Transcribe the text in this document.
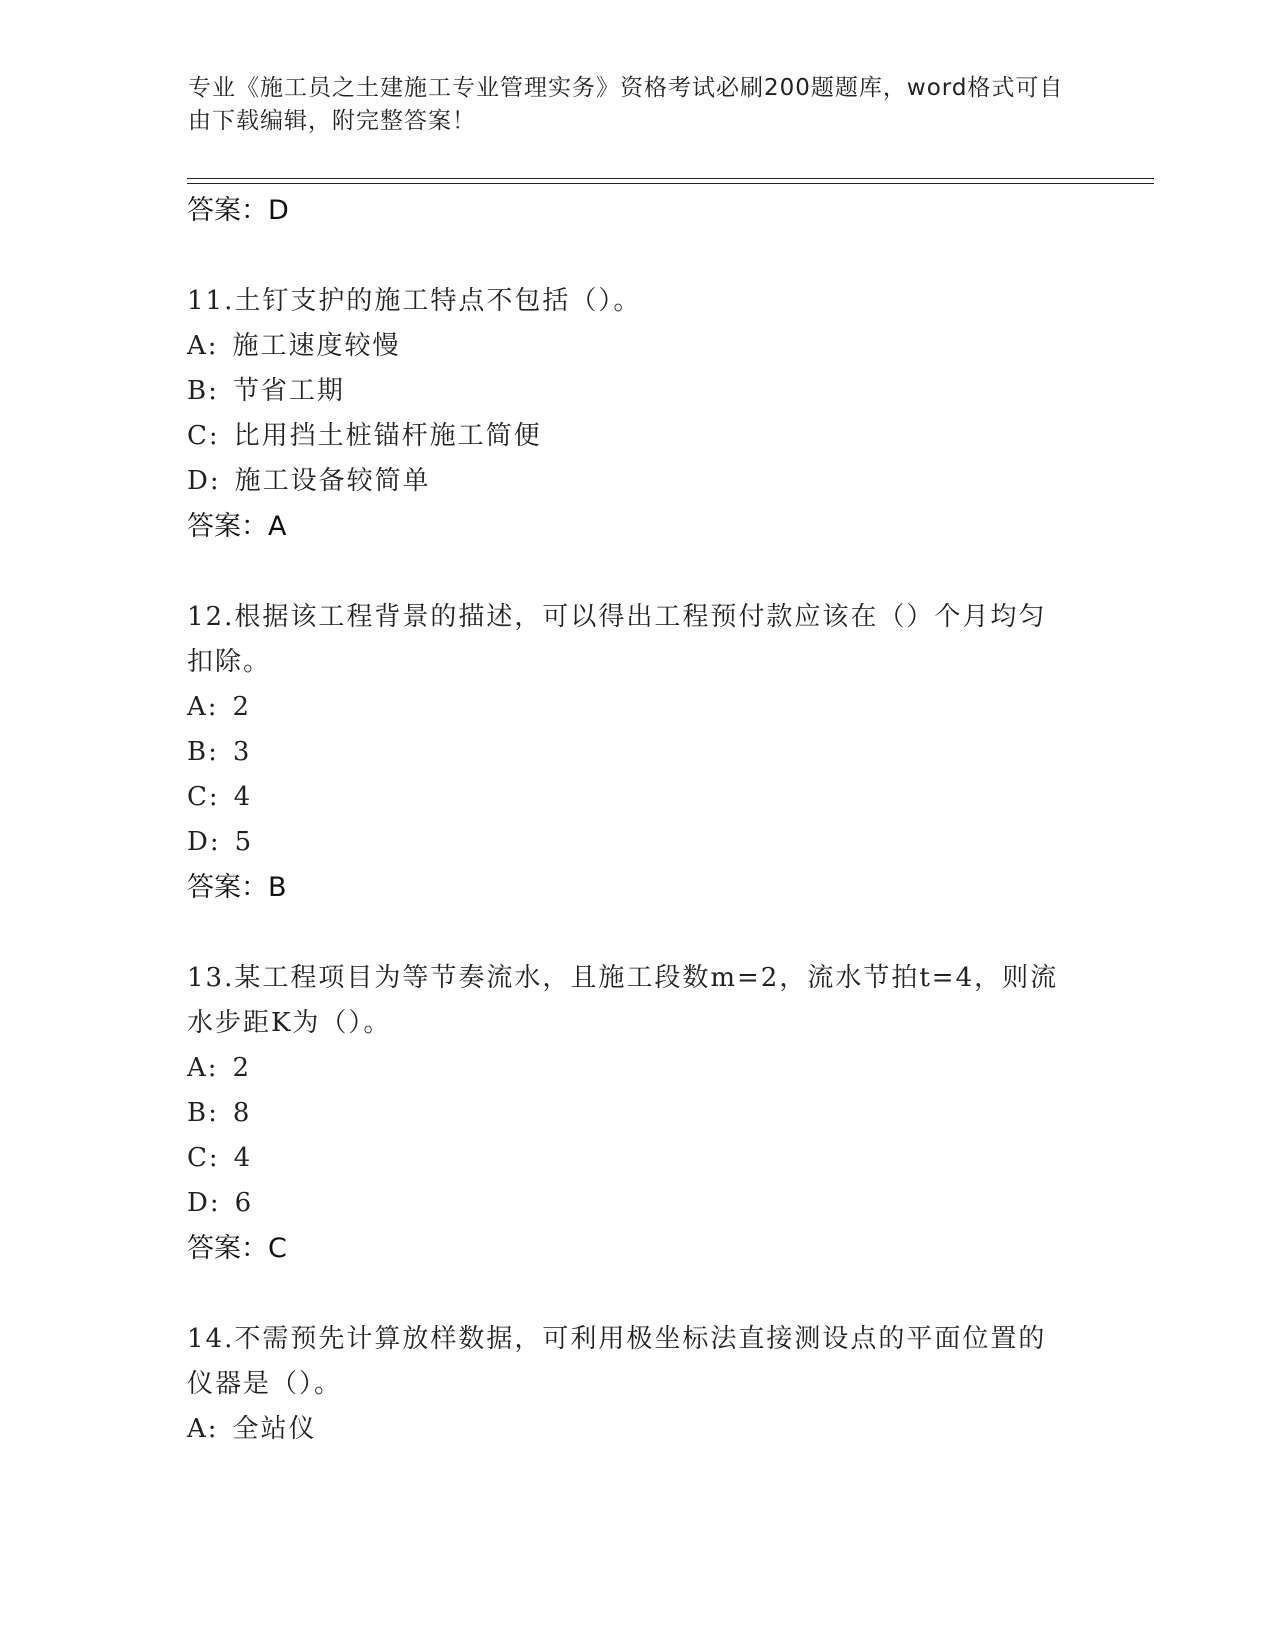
专业《施工员之土建施工专业管理实务》资格考试必刷200题题库，word格式可自由下载编辑，附完整答案！
答案：D
11.土钉支护的施工特点不包括（）。
A: 施工速度较慢
B: 节省工期
C: 比用挡土桩锚杆施工简便
D: 施工设备较简单
答案：A
12.根据该工程背景的描述，可以得出工程预付款应该在（）个月均匀扣除。
A: 2
B: 3
C: 4
D: 5
答案：B
13.某工程项目为等节奏流水，且施工段数m=2，流水节拍t=4，则流水步距K为（）。
A: 2
B: 8
C: 4
D: 6
答案：C
14.不需预先计算放样数据，可利用极坐标法直接测设点的平面位置的仪器是（）。
A: 全站仪
